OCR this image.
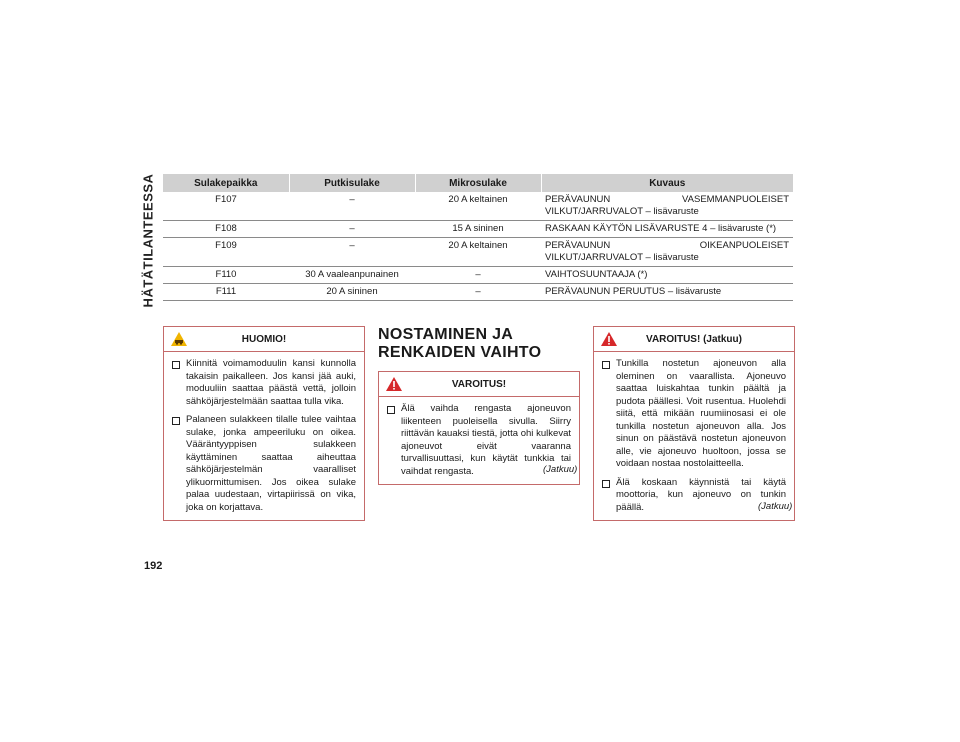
HÄTÄTILANTEESSA
192
Sulakepaikka	Putkisulake	Mikrosulake	Kuvaus
F107	–	20 A keltainen	PERÄVAUNUN VASEMMANPUOLEISET VILKUT/JARRUVALOT – lisävaruste
F108	–	15 A sininen	RASKAAN KÄYTÖN LISÄVARUSTE 4 – lisävaruste (*)
F109	–	20 A keltainen	PERÄVAUNUN OIKEANPUOLEISET VILKUT/JARRUVALOT – lisävaruste
F110	30 A vaaleanpunainen	–	VAIHTOSUUNTAAJA (*)
F111	20 A sininen	–	PERÄVAUNUN PERUUTUS – lisävaruste
HUOMIO!
Kiinnitä voimamoduulin kansi kunnolla takaisin paikalleen. Jos kansi jää auki, moduuliin saattaa päästä vettä, jolloin sähköjärjestelmään saattaa tulla vika.
Palaneen sulakkeen tilalle tulee vaihtaa sulake, jonka ampeeriluku on oikea. Vääräntyyppisen sulakkeen käyttäminen saattaa aiheuttaa sähköjärjestelmän vaaralliset ylikuormittumisen. Jos oikea sulake palaa uudestaan, virtapiirissä on vika, joka on korjattava.
NOSTAMINEN JA
RENKAIDEN VAIHTO
VAROITUS!
Älä vaihda rengasta ajoneuvon liikenteen puoleisella sivulla. Siirry riittävän kauaksi tiestä, jotta ohi kulkevat ajoneuvot eivät vaaranna turvallisuuttasi, kun käytät tunkkia tai vaihdat rengasta.	(Jatkuu)
VAROITUS! (Jatkuu)
Tunkilla nostetun ajoneuvon alla oleminen on vaarallista. Ajoneuvo saattaa luiskahtaa tunkin päältä ja pudota päällesi. Voit rusentua. Huolehdi siitä, että mikään ruumiinosasi ei ole tunkilla nostetun ajoneuvon alla. Jos sinun on päästävä nostetun ajoneuvon alle, vie ajoneuvo huoltoon, jossa se voidaan nostaa nostolaitteella.
Älä koskaan käynnistä tai käytä moottoria, kun ajoneuvo on tunkin päällä.	(Jatkuu)
